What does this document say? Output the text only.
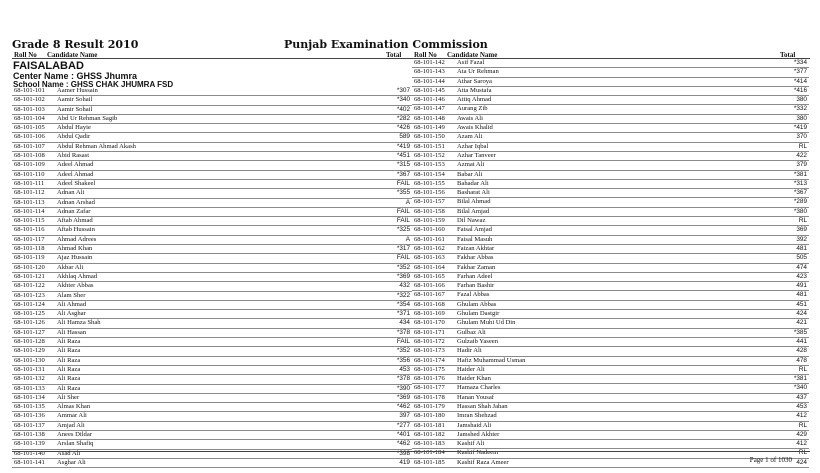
Grade 8 Result 2010	Punjab Examination Commission
Roll No Candidate Name	Total Roll No Candidate Name	Total
FAISALABAD
Center Name : GHSS Jhumra
School Name : GHSS CHAK JHUMRA FSD
68-101-101 Aamer Hussain	*307
68-101-102 Aamir Sohail	*340
68-101-103 Aamir Sohail	*402
68-101-104 Abd Ur Rehman Sagib	*282
68-101-105 Abdul Hayie	*426
68-101-106 Abdul Qadir	589
68-101-107 Abdul Rehman Ahmad Akash	*419
68-101-108 Abid Rasast	*451
68-101-109 Adeel Ahmad	*315
68-101-110 Adeel Ahmad	*367
68-101-111 Adeel Shakeel	FAIL
68-101-112 Adnan Ali	*355
68-101-113 Adnan Arshad	A
68-101-114 Adnan Zafar	FAIL
68-101-115 Aftab Ahmad	FAIL
68-101-116 Aftab Hussain	*325
68-101-117 Ahmad Adrees	A
68-101-118 Ahmad Khan	*317
68-101-119 Ajaz Hussain	FAIL
68-101-120 Akbar Ali	*352
68-101-121 Akhlaq Ahmad	*369
68-101-122 Akhter Abbas	432
68-101-123 Alam Sher	*322
68-101-124 Ali Ahmad	*354
68-101-125 Ali Asghar	*371
68-101-126 Ali Hamza Shah	434
68-101-127 Ali Hassan	*378
68-101-128 Ali Raza	FAIL
68-101-129 Ali Raza	*352
68-101-130 Ali Raza	*356
68-101-131 Ali Raza	453
68-101-132 Ali Raza	*378
68-101-133 Ali Raza	*390
68-101-134 Ali Sher	*369
68-101-135 Almas Khan	*462
68-101-136 Ammar Ali	397
68-101-137 Amjad Ali	*277
68-101-138 Anees Dildar	*401
68-101-139 Arslan Shafiq	*462
68-101-140 Asad Ali	*398
68-101-141 Asghar Ali	419
68-101-142 Asif Fazal	*334
68-101-143 Ata Ur Rehman	*377
68-101-144 Athar Saroya	*414
68-101-145 Atta Mustafa	*416
68-101-146 Attiq Ahmad	380
68-101-147 Aurang Zib	*332
68-101-148 Awais Ali	380
68-101-149 Awais Khalid	*419
68-101-150 Azam Ali	370
68-101-151 Azhar Iqbal	RL
68-101-152 Azhar Tanveer	422
68-101-153 Azmat Ali	379
68-101-154 Babar Ali	*381
68-101-155 Bahadar Ali	*313
68-101-156 Basharat Ali	*367
68-101-157 Bilal Ahmad	*289
68-101-158 Bilal Amjad	*380
68-101-159 Dil Nawaz	RL
68-101-160 Faisal Amjad	369
68-101-161 Faisal Masuh	392
68-101-162 Faizan Akhtar	481
68-101-163 Fakhar Abbas	505
68-101-164 Fakhar Zaman	474
68-101-165 Farhan Adeel	423
68-101-166 Farhan Bashir	491
68-101-167 Fazal Abbas	481
68-101-168 Ghulam Abbas	451
68-101-169 Ghulam Dastgir	424
68-101-170 Ghulam Muhi Ud Din	421
68-101-171 Gulbaz Ali	*385
68-101-172 Gulzaib Yaseen	441
68-101-173 Hadir Ali	428
68-101-174 Hafiz Muhammad Usman	478
68-101-175 Haider Ali	RL
68-101-176 Haider Khan	*381
68-101-177 Hamaza Charles	*340
68-101-178 Hanan Yousaf	437
68-101-179 Hassan Shah Jahan	453
68-101-180 Imran Shehzad	412
68-101-181 Jamshaid Ali	RL
68-101-182 Jamshed Akhter	429
68-101-183 Kashif Ali	412
68-101-184 Kashif Nadeem	RL
68-101-185 Kashif Raza Ameer	424
Page 1 of 1030
